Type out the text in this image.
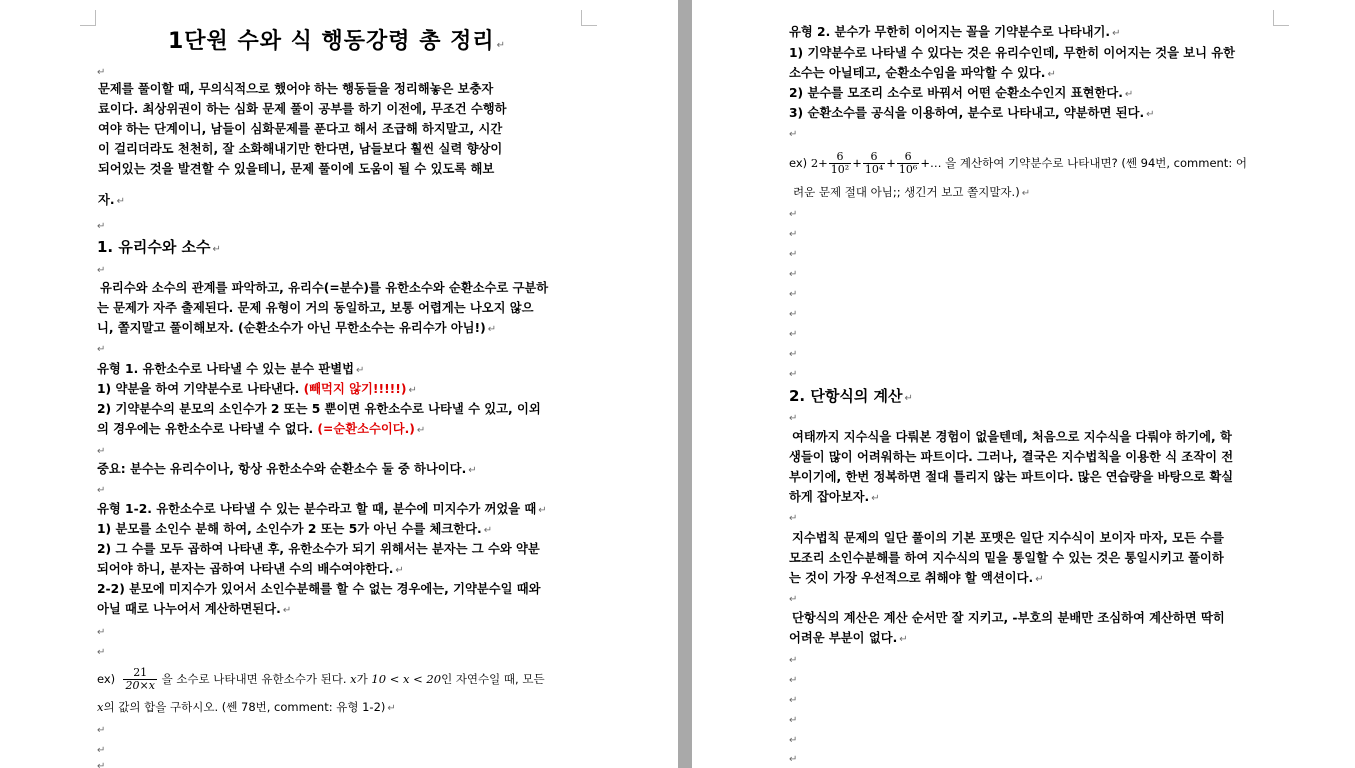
1단원 수와 식 행동강령 총 정리 ↵
↵
문제를 풀이할 때, 무의식적으로 했어야 하는 행동들을 정리해놓은 보충자
료이다. 최상위권이 하는 심화 문제 풀이 공부를 하기 이전에, 무조건 수행하
여야 하는 단계이니, 남들이 심화문제를 푼다고 해서 조급해 하지말고, 시간
이 걸리더라도 천천히, 잘 소화해내기만 한다면, 남들보다 훨씬 실력 향상이
되어있는 것을 발견할 수 있을테니, 문제 풀이에 도움이 될 수 있도록 해보
자. ↵
↵
1. 유리수와 소수 ↵
↵
유리수와 소수의 관계를 파악하고, 유리수(=분수)를 유한소수와 순환소수로 구분하
는 문제가 자주 출제된다. 문제 유형이 거의 동일하고, 보통 어렵게는 나오지 않으
니, 쫄지말고 풀이해보자. (순환소수가 아닌 무한소수는 유리수가 아님!) ↵
↵
유형 1. 유한소수로 나타낼 수 있는 분수 판별법 ↵
1) 약분을 하여 기약분수로 나타낸다. (빼먹지 않기!!!!!) ↵
2) 기약분수의 분모의 소인수가 2 또는 5 뿐이면 유한소수로 나타낼 수 있고, 이외
의 경우에는 유한소수로 나타낼 수 없다. (=순환소수이다.) ↵
↵
중요: 분수는 유리수이나, 항상 유한소수와 순환소수 둘 중 하나이다. ↵
↵
유형 1-2. 유한소수로 나타낼 수 있는 분수라고 할 때, 분수에 미지수가 꺼었을 때 ↵
1) 분모를 소인수 분해 하여, 소인수가 2 또는 5가 아닌 수를 체크한다. ↵
2) 그 수를 모두 곱하여 나타낸 후, 유한소수가 되기 위해서는 분자는 그 수와 약분
되어야 하니, 분자는 곱하여 나타낸 수의 배수여야한다. ↵
2-2) 분모에 미지수가 있어서 소인수분해를 할 수 없는 경우에는, 기약분수일 때와
아닐 때로 나누어서 계산하면된다. ↵
↵
↵
ex)
$\frac{21}{20\times x}$
을 소수로 나타내면 유한소수가 된다.
x 가
10 < x < 20 인 자연수일 때, 모든
x의 값의 합을 구하시오. (쎈 78번, comment: 유형 1-2) ↵
↵
↵
↵
유형 2. 분수가 무한히 이어지는 꼴을 기약분수로 나타내기. ↵
1) 기약분수로 나타낼 수 있다는 것은 유리수인데, 무한히 이어지는 것을 보니 유한
소수는 아닐테고, 순환소수임을 파악할 수 있다. ↵
2) 분수를 모조리 소수로 바꿔서 어떤 순환소수인지 표현한다. ↵
3) 순환소수를 공식을 이용하여, 분수로 나타내고, 약분하면 된다. ↵
↵
ex)
$2+ \frac{6}{\text{10²}} + \frac{6}{\text{10⁴}} + \frac{6}{\text{10⁶}}$ +…
을 계산하여 기약분수로 나타내면? (쎈 94번, comment: 어
려운 문제 절대 아님;; 생긴거 보고 쫄지말자.) ↵
↵
↵
↵
↵
↵
↵
↵
↵
↵
2. 단항식의 계산 ↵
↵
여태까지 지수식을 다뤄본 경험이 없을텐데, 처음으로 지수식을 다뤄야 하기에, 학
생들이 많이 어려워하는 파트이다. 그러나, 결국은 지수법칙을 이용한 식 조작이 전
부이기에, 한번 정복하면 절대 틀리지 않는 파트이다. 많은 연습량을 바탕으로 확실
하게 잡아보자. ↵
↵
지수법칙 문제의 일단 풀이의 기본 포맷은 일단 지수식이 보이자 마자, 모든 수를
모조리 소인수분해를 하여 지수식의 밑을 통일할 수 있는 것은 통일시키고 풀이하
는 것이 가장 우선적으로 취해야 할 액션이다. ↵
↵
단항식의 계산은 계산 순서만 잘 지키고, -부호의 분배만 조심하여 계산하면 딱히
어려운 부분이 없다. ↵
↵
↵
↵
↵
↵
↵
